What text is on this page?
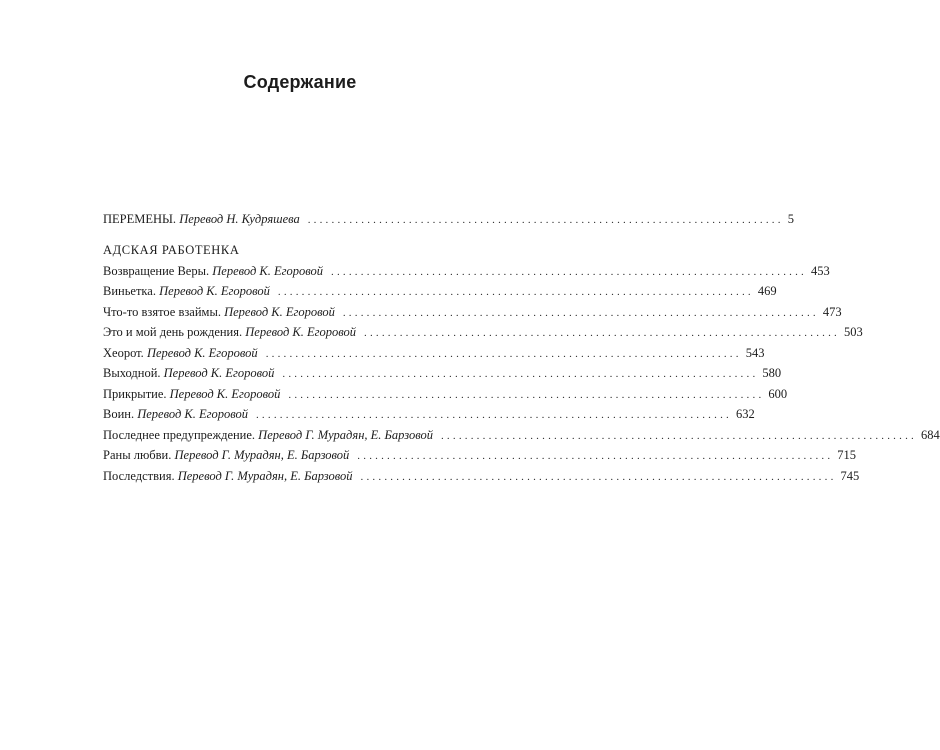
Содержание
ПЕРЕМЕНЫ.
Перевод Н. Кудряшева ................................................................................ 5
АДСКАЯ РАБОТЕНКА
Возвращение Веры.
Перевод К. Егоровой ................................................................................ 453
Виньетка.
Перевод К. Егоровой ................................................................................ 469
Что-то взятое взаймы.
Перевод К. Егоровой ................................................................................ 473
Это и мой день рождения.
Перевод К. Егоровой ................................................................................ 503
Хеорот.
Перевод К. Егоровой ................................................................................ 543
Выходной.
Перевод К. Егоровой ................................................................................ 580
Прикрытие.
Перевод К. Егоровой ................................................................................ 600
Воин.
Перевод К. Егоровой ................................................................................ 632
Последнее предупреждение.
Перевод Г. Мурадян, Е. Барзовой ................................................................................ 684
Раны любви.
Перевод Г. Мурадян, Е. Барзовой ................................................................................ 715
Последствия.
Перевод Г. Мурадян, Е. Барзовой ................................................................................ 745
